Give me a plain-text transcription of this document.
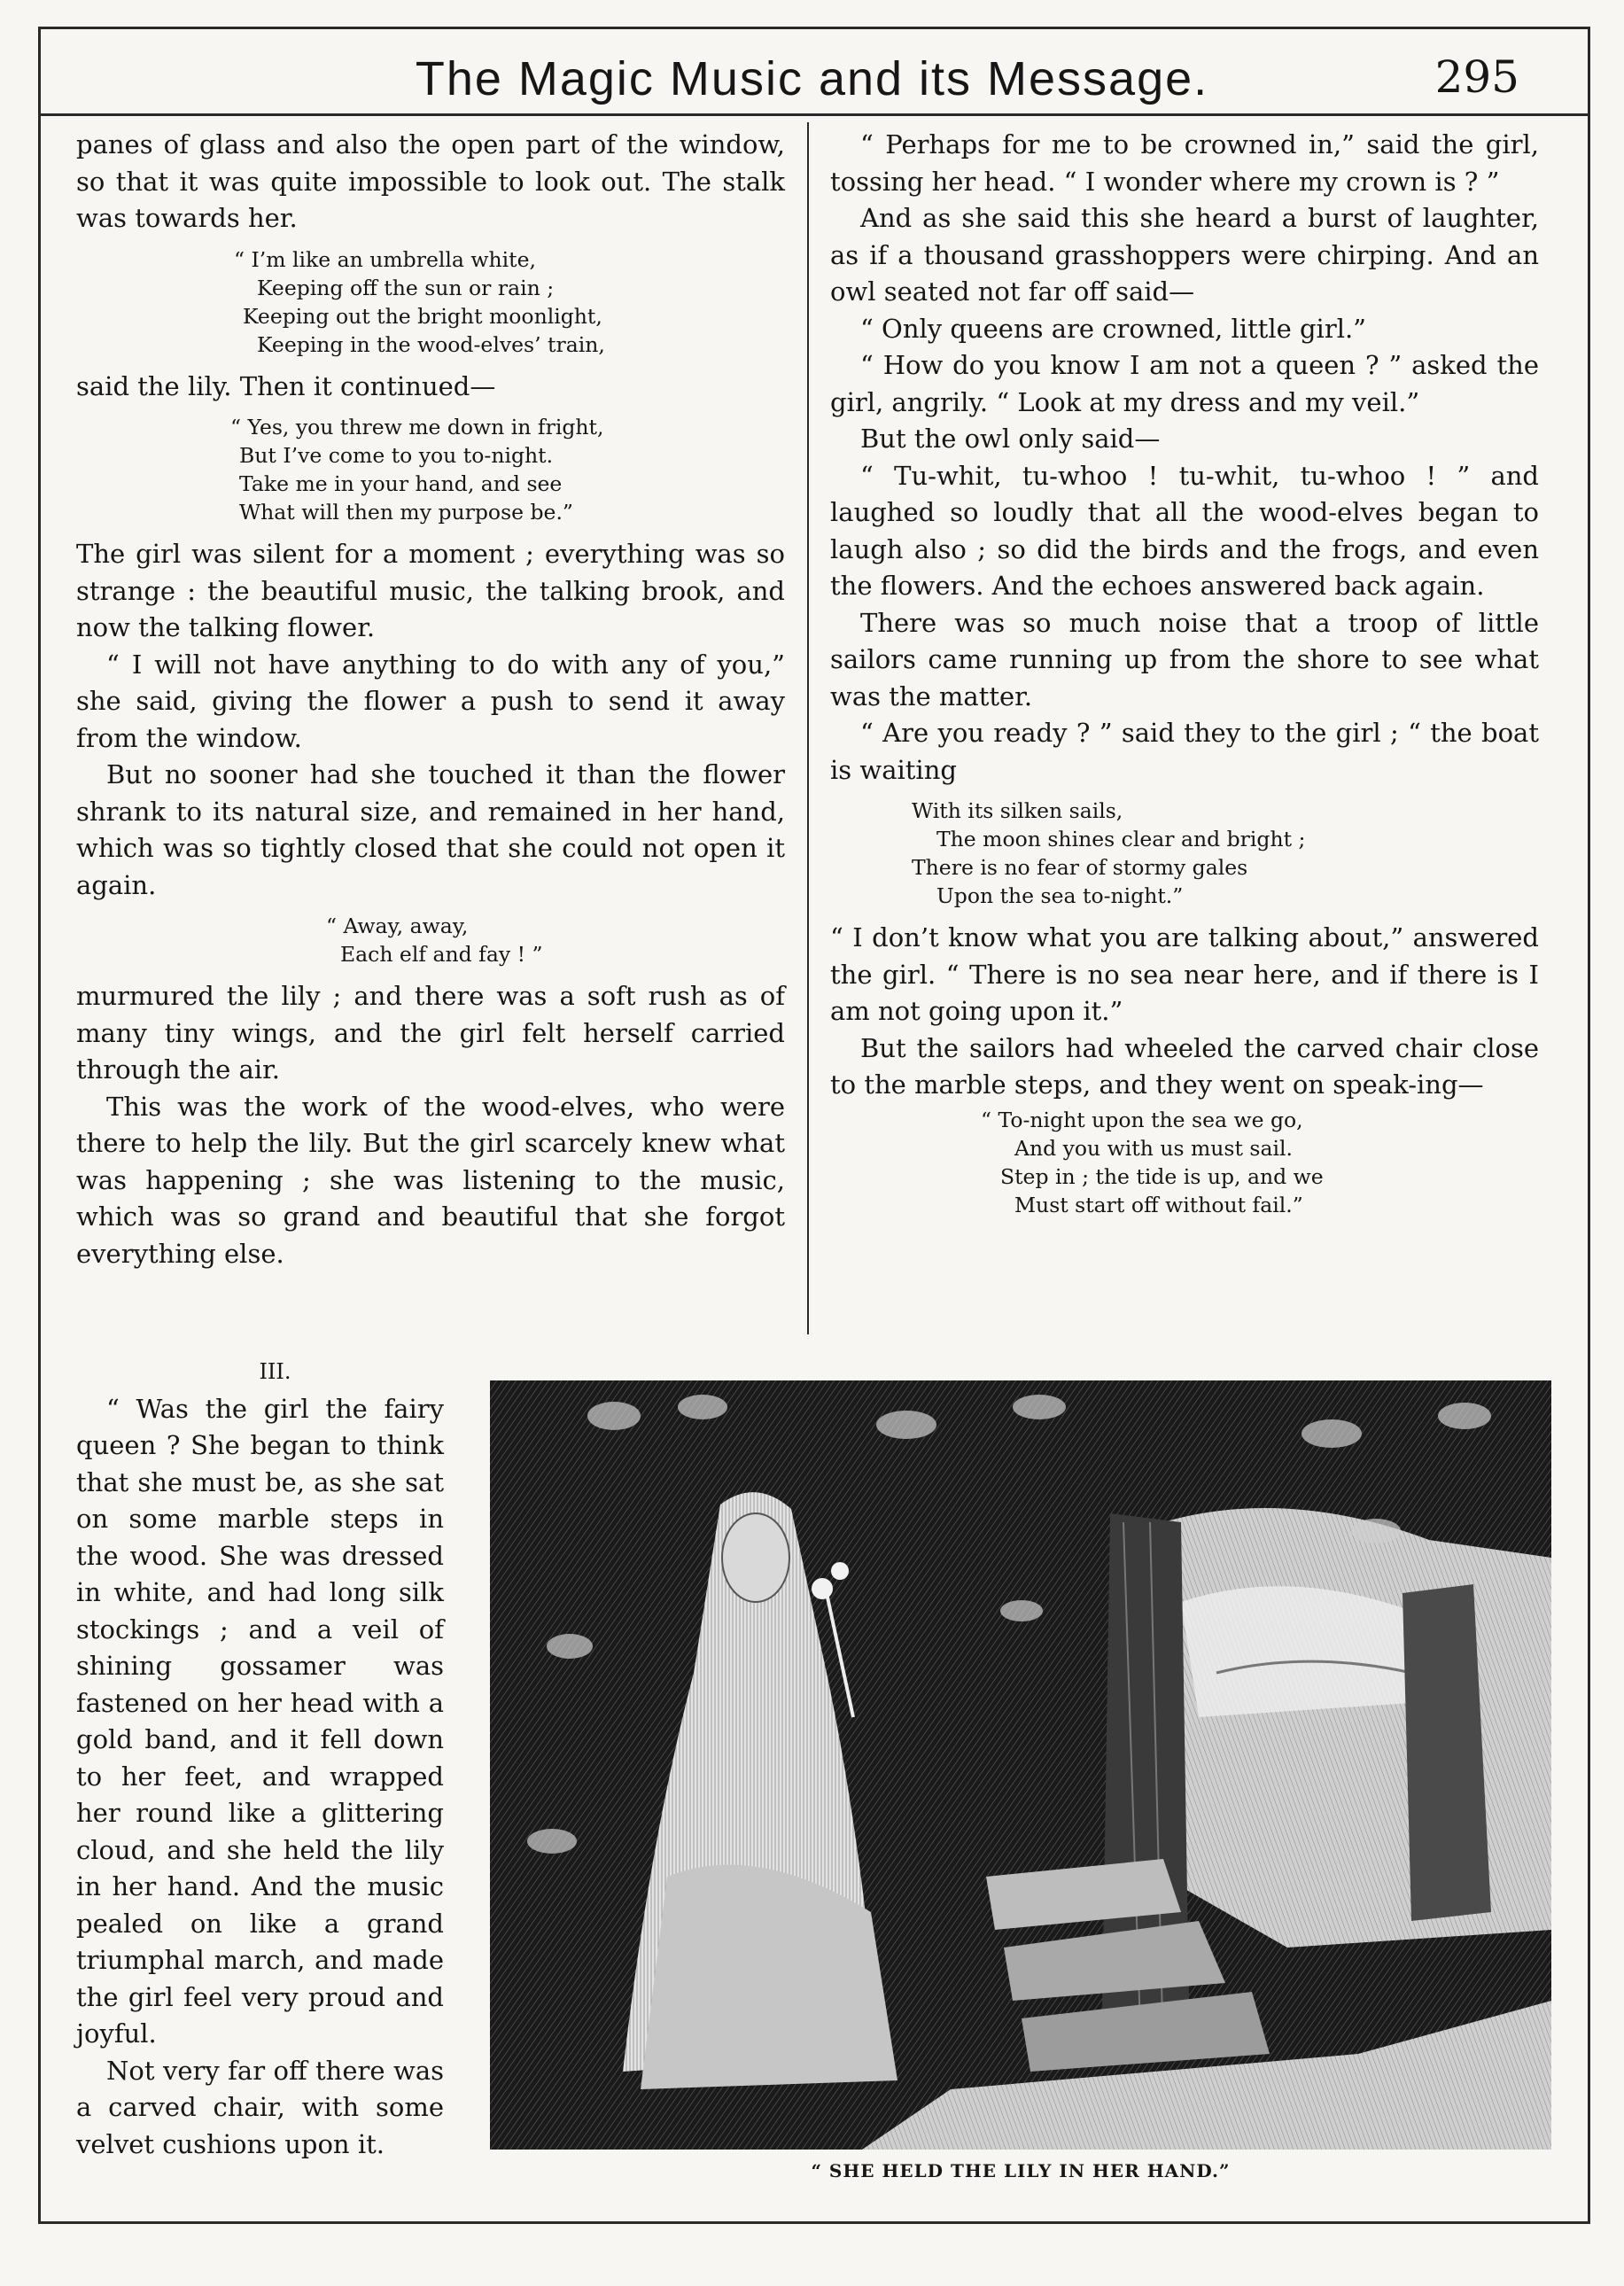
The Magic Music and its Message.	295

panes of glass and also the open part of the window, so that it was quite impossible to look out. The stalk was towards her.

“ I’m like an umbrella white,
Keeping off the sun or rain ;
Keeping out the bright moonlight,
Keeping in the wood-elves’ train,

said the lily. Then it continued—

“ Yes, you threw me down in fright,
But I’ve come to you to-night.
Take me in your hand, and see
What will then my purpose be.”

The girl was silent for a moment ; everything was so strange : the beautiful music, the talking brook, and now the talking flower.

“ I will not have anything to do with any of you,” she said, giving the flower a push to send it away from the window.

But no sooner had she touched it than the flower shrank to its natural size, and remained in her hand, which was so tightly closed that she could not open it again.

“ Away, away,
Each elf and fay ! ”

murmured the lily ; and there was a soft rush as of many tiny wings, and the girl felt herself carried through the air.

This was the work of the wood-elves, who were there to help the lily. But the girl scarcely knew what was happening ; she was listening to the music, which was so grand and beautiful that she forgot everything else.

“ Perhaps for me to be crowned in,” said the girl, tossing her head. “ I wonder where my crown is ? ”

And as she said this she heard a burst of laughter, as if a thousand grasshoppers were chirping. And an owl seated not far off said—

“ Only queens are crowned, little girl.”

“ How do you know I am not a queen ? ” asked the girl, angrily. “ Look at my dress and my veil.”

But the owl only said—

“ Tu-whit, tu-whoo ! tu-whit, tu-whoo ! ” and laughed so loudly that all the wood-elves began to laugh also ; so did the birds and the frogs, and even the flowers. And the echoes answered back again.

There was so much noise that a troop of little sailors came running up from the shore to see what was the matter.

“ Are you ready ? ” said they to the girl ; “ the boat is waiting

With its silken sails,
The moon shines clear and bright ;
There is no fear of stormy gales
Upon the sea to-night.”

“ I don’t know what you are talking about,” answered the girl. “ There is no sea near here, and if there is I am not going upon it.”

But the sailors had wheeled the carved chair close to the marble steps, and they went on speak-ing—

“ To-night upon the sea we go,
And you with us must sail.
Step in ; the tide is up, and we
Must start off without fail.”

III.

“ Was the girl the fairy queen ? She began to think that she must be, as she sat on some marble steps in the wood. She was dressed in white, and had long silk stockings ; and a veil of shining gossamer was fastened on her head with a gold band, and it fell down to her feet, and wrapped her round like a glittering cloud, and she held the lily in her hand. And the music pealed on like a grand triumphal march, and made the girl feel very proud and joyful.

Not very far off there was a carved chair, with some velvet cushions upon it.

“ SHE HELD THE LILY IN HER HAND.”
